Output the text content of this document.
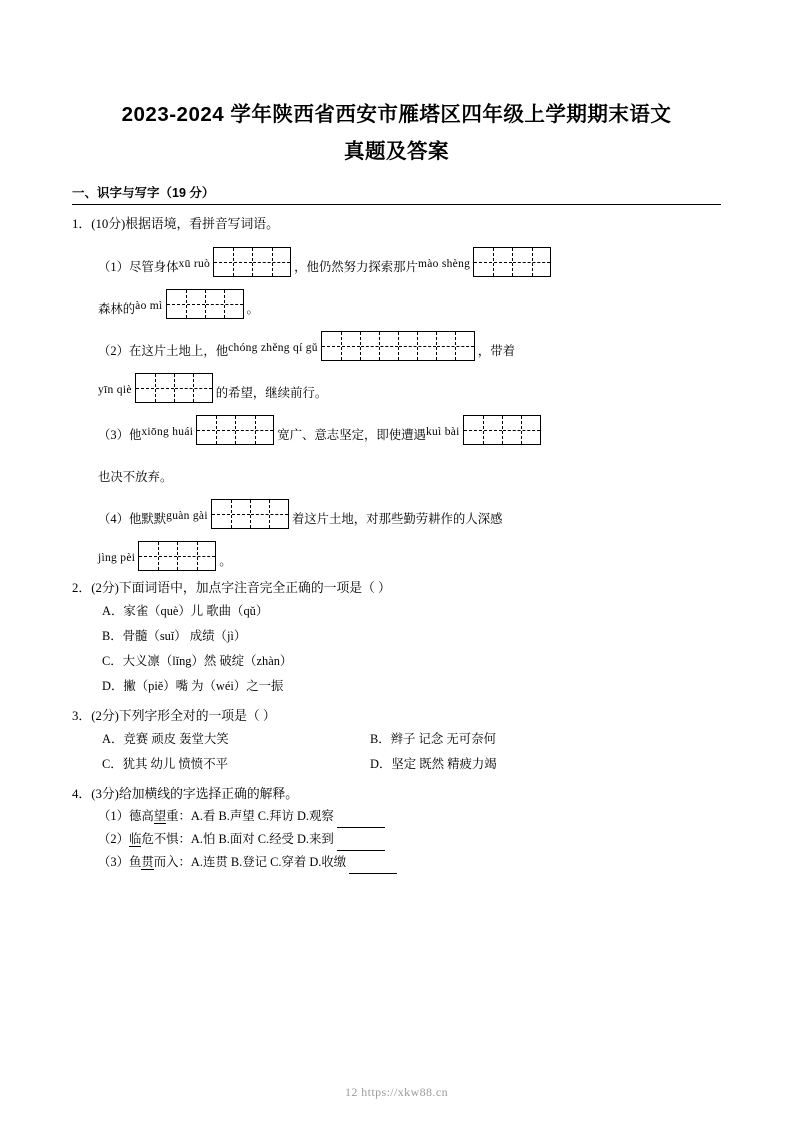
2023-2024 学年陕西省西安市雁塔区四年级上学期期末语文
真题及答案
一、识字与写字（19 分）
1．(10分)根据语境，看拼音写词语。
（1）尽管身体 xū ruò	，他仍然努力探索那片 mào shèng
森林的 ào mì	。
（2）在这片土地上，他 chóng zhěng qí gǔ	，带着
yīn qiè	的希望，继续前行。
（3）他 xiōng huái	宽广、意志坚定，即使遭遇 kuì bài
也决不放弃。
（4）他默默 guàn gài	着这片土地，对那些勤劳耕作的人深感
jìng pèi	。
2．(2分)下面词语中，加点字注音完全正确的一项是（ ）
A．家雀（què）儿 歌曲（qǔ）
B．骨髓（suǐ） 成绩（jì）
C．大义凛（lǐng）然 破绽（zhàn）
D．撇（piě）嘴 为（wéi）之一振
3．(2分)下列字形全对的一项是（ ）
A．竞赛 顽皮 轰堂大笑	B．辫子 记念 无可奈何
C．犹其 幼儿 愤愤不平	D．坚定 既然 精疲力竭
4．(3分)给加横线的字选择正确的解释。
（1）德高望重：A.看 B.声望 C.拜访 D.观察
（2）临危不惧：A.怕 B.面对 C.经受 D.来到
（3）鱼贯而入：A.连贯 B.登记 C.穿着 D.收缴
12 https://xkw88.cn
